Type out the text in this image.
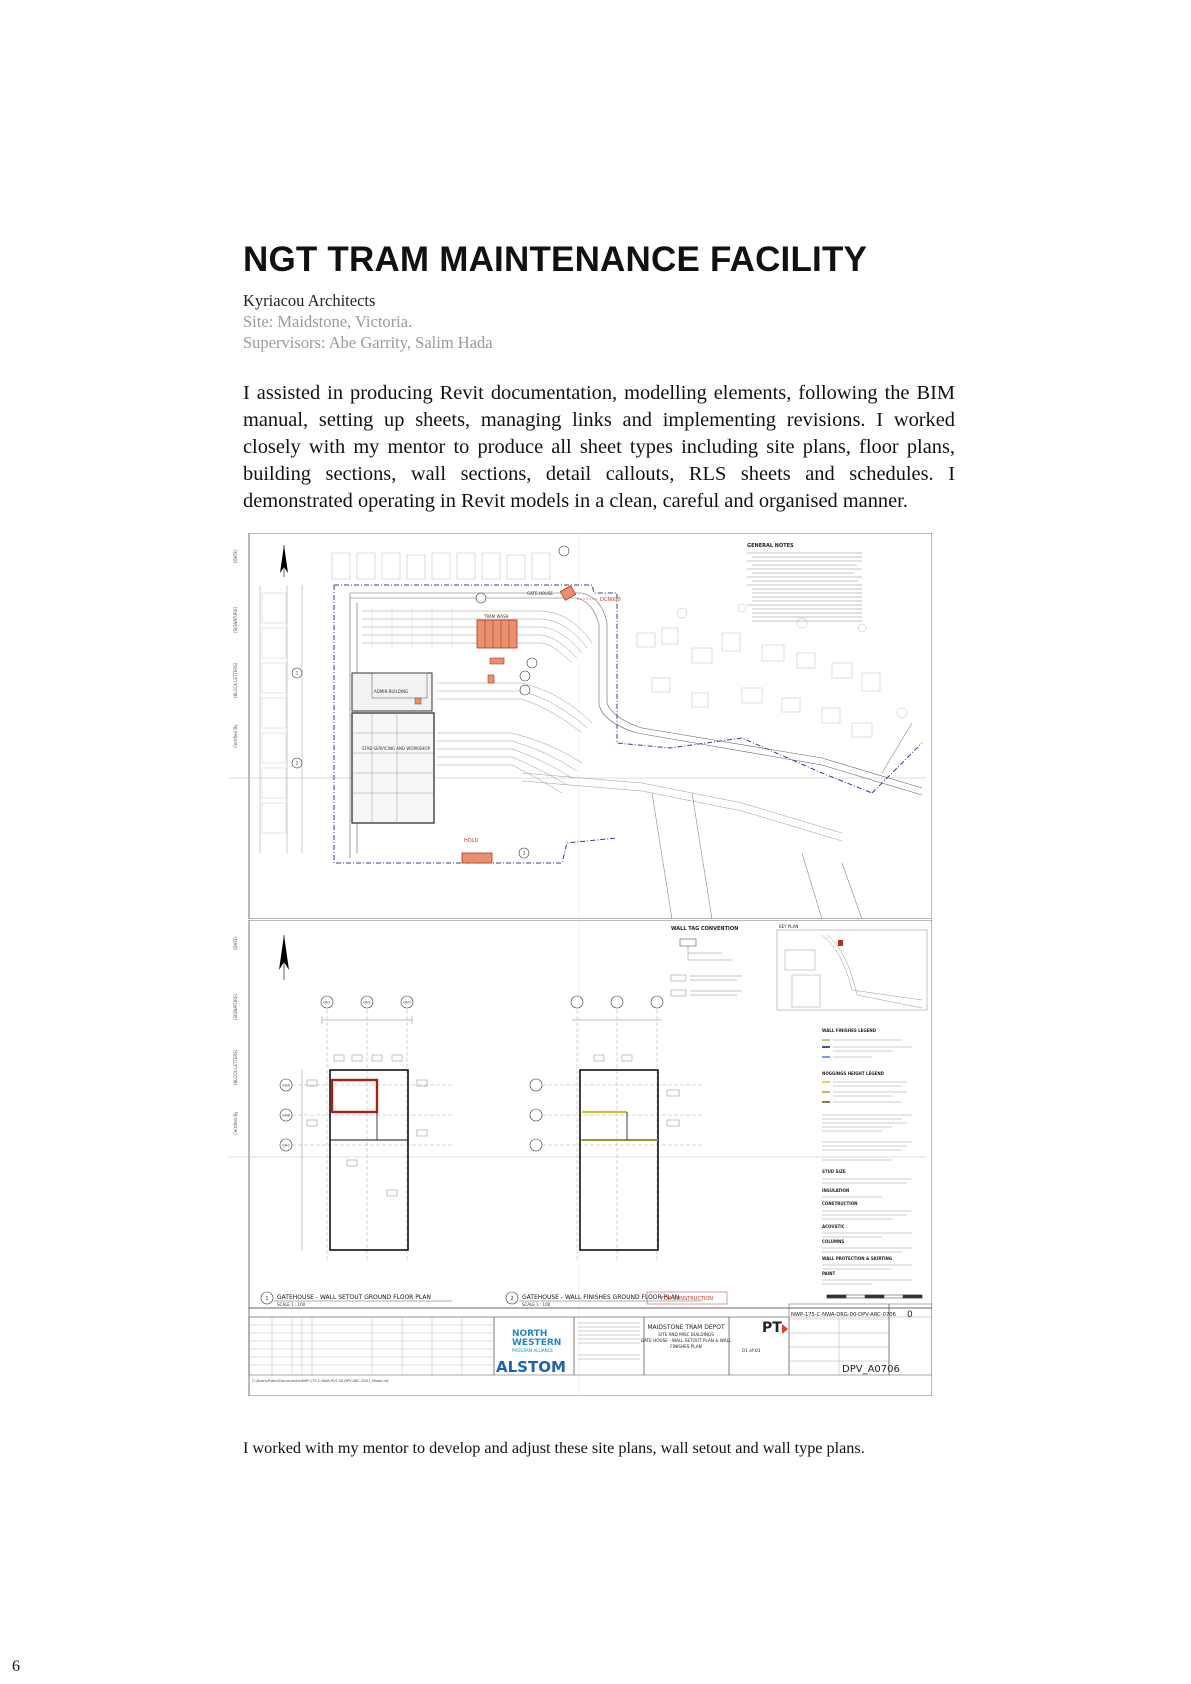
NGT TRAM MAINTENANCE FACILITY
Kyriacou Architects
Site: Maidstone, Victoria.
Supervisors: Abe Garrity, Salim Hada

I assisted in producing Revit documentation, modelling elements, following the BIM manual, setting up sheets, managing links and implementing revisions. I worked closely with my mentor to produce all sheet types including site plans, floor plans, building sections, wall sections, detail callouts, RLS sheets and schedules. I demonstrated operating in Revit models in a clean, careful and organised manner.

(DATE)
(SIGNATURE)
(BLOCK LETTERS)
Certified By
TRAM WASH
GATE HOUSE
DCN000
ADMIN BUILDING
STAB SERVICING AND WORKSHOP
HOLD
1
2
3
GENERAL NOTES
(DATE)
(SIGNATURE)
(BLOCK LETTERS)
Certified By
WALL TAG CONVENTION	KEY PLAN
GH1	GH2	GH3
GHA
GHB
GHC
GATEHOUSE - WALL SETOUT GROUND FLOOR PLAN
SCALE 1 : 100
1	GATEHOUSE - WALL FINISHES GROUND FLOOR PLAN
SCALE 1 : 100
2
WALL FINISHES LEGEND
NOGGINGS HEIGHT LEGEND
STUD SIZE
INSULATION
CONSTRUCTION
ACOUSTIC
COLUMNS
WALL PROTECTION & SKIRTING
PAINT
NORTH
WESTERN
PROGRAM ALLIANCE
ALSTOM
MAIDSTONE TRAM DEPOT
SITE AND MISC BUILDINGS
GATE HOUSE - WALL SETOUT PLAN & WALL
FINISHES PLAN
FOR CONSTRUCTION
PT
01 of 01
NWP-175-C-NWA-DRG-00-DPV-ARC-0706
DPV_A0706
0
C:\Users\Public\Documents\NWP-175-C-NWA-RVT-00-DPV-ARC-3D01_Model.rvt

I worked with my mentor to develop and adjust these site plans, wall setout and wall type plans.

6
